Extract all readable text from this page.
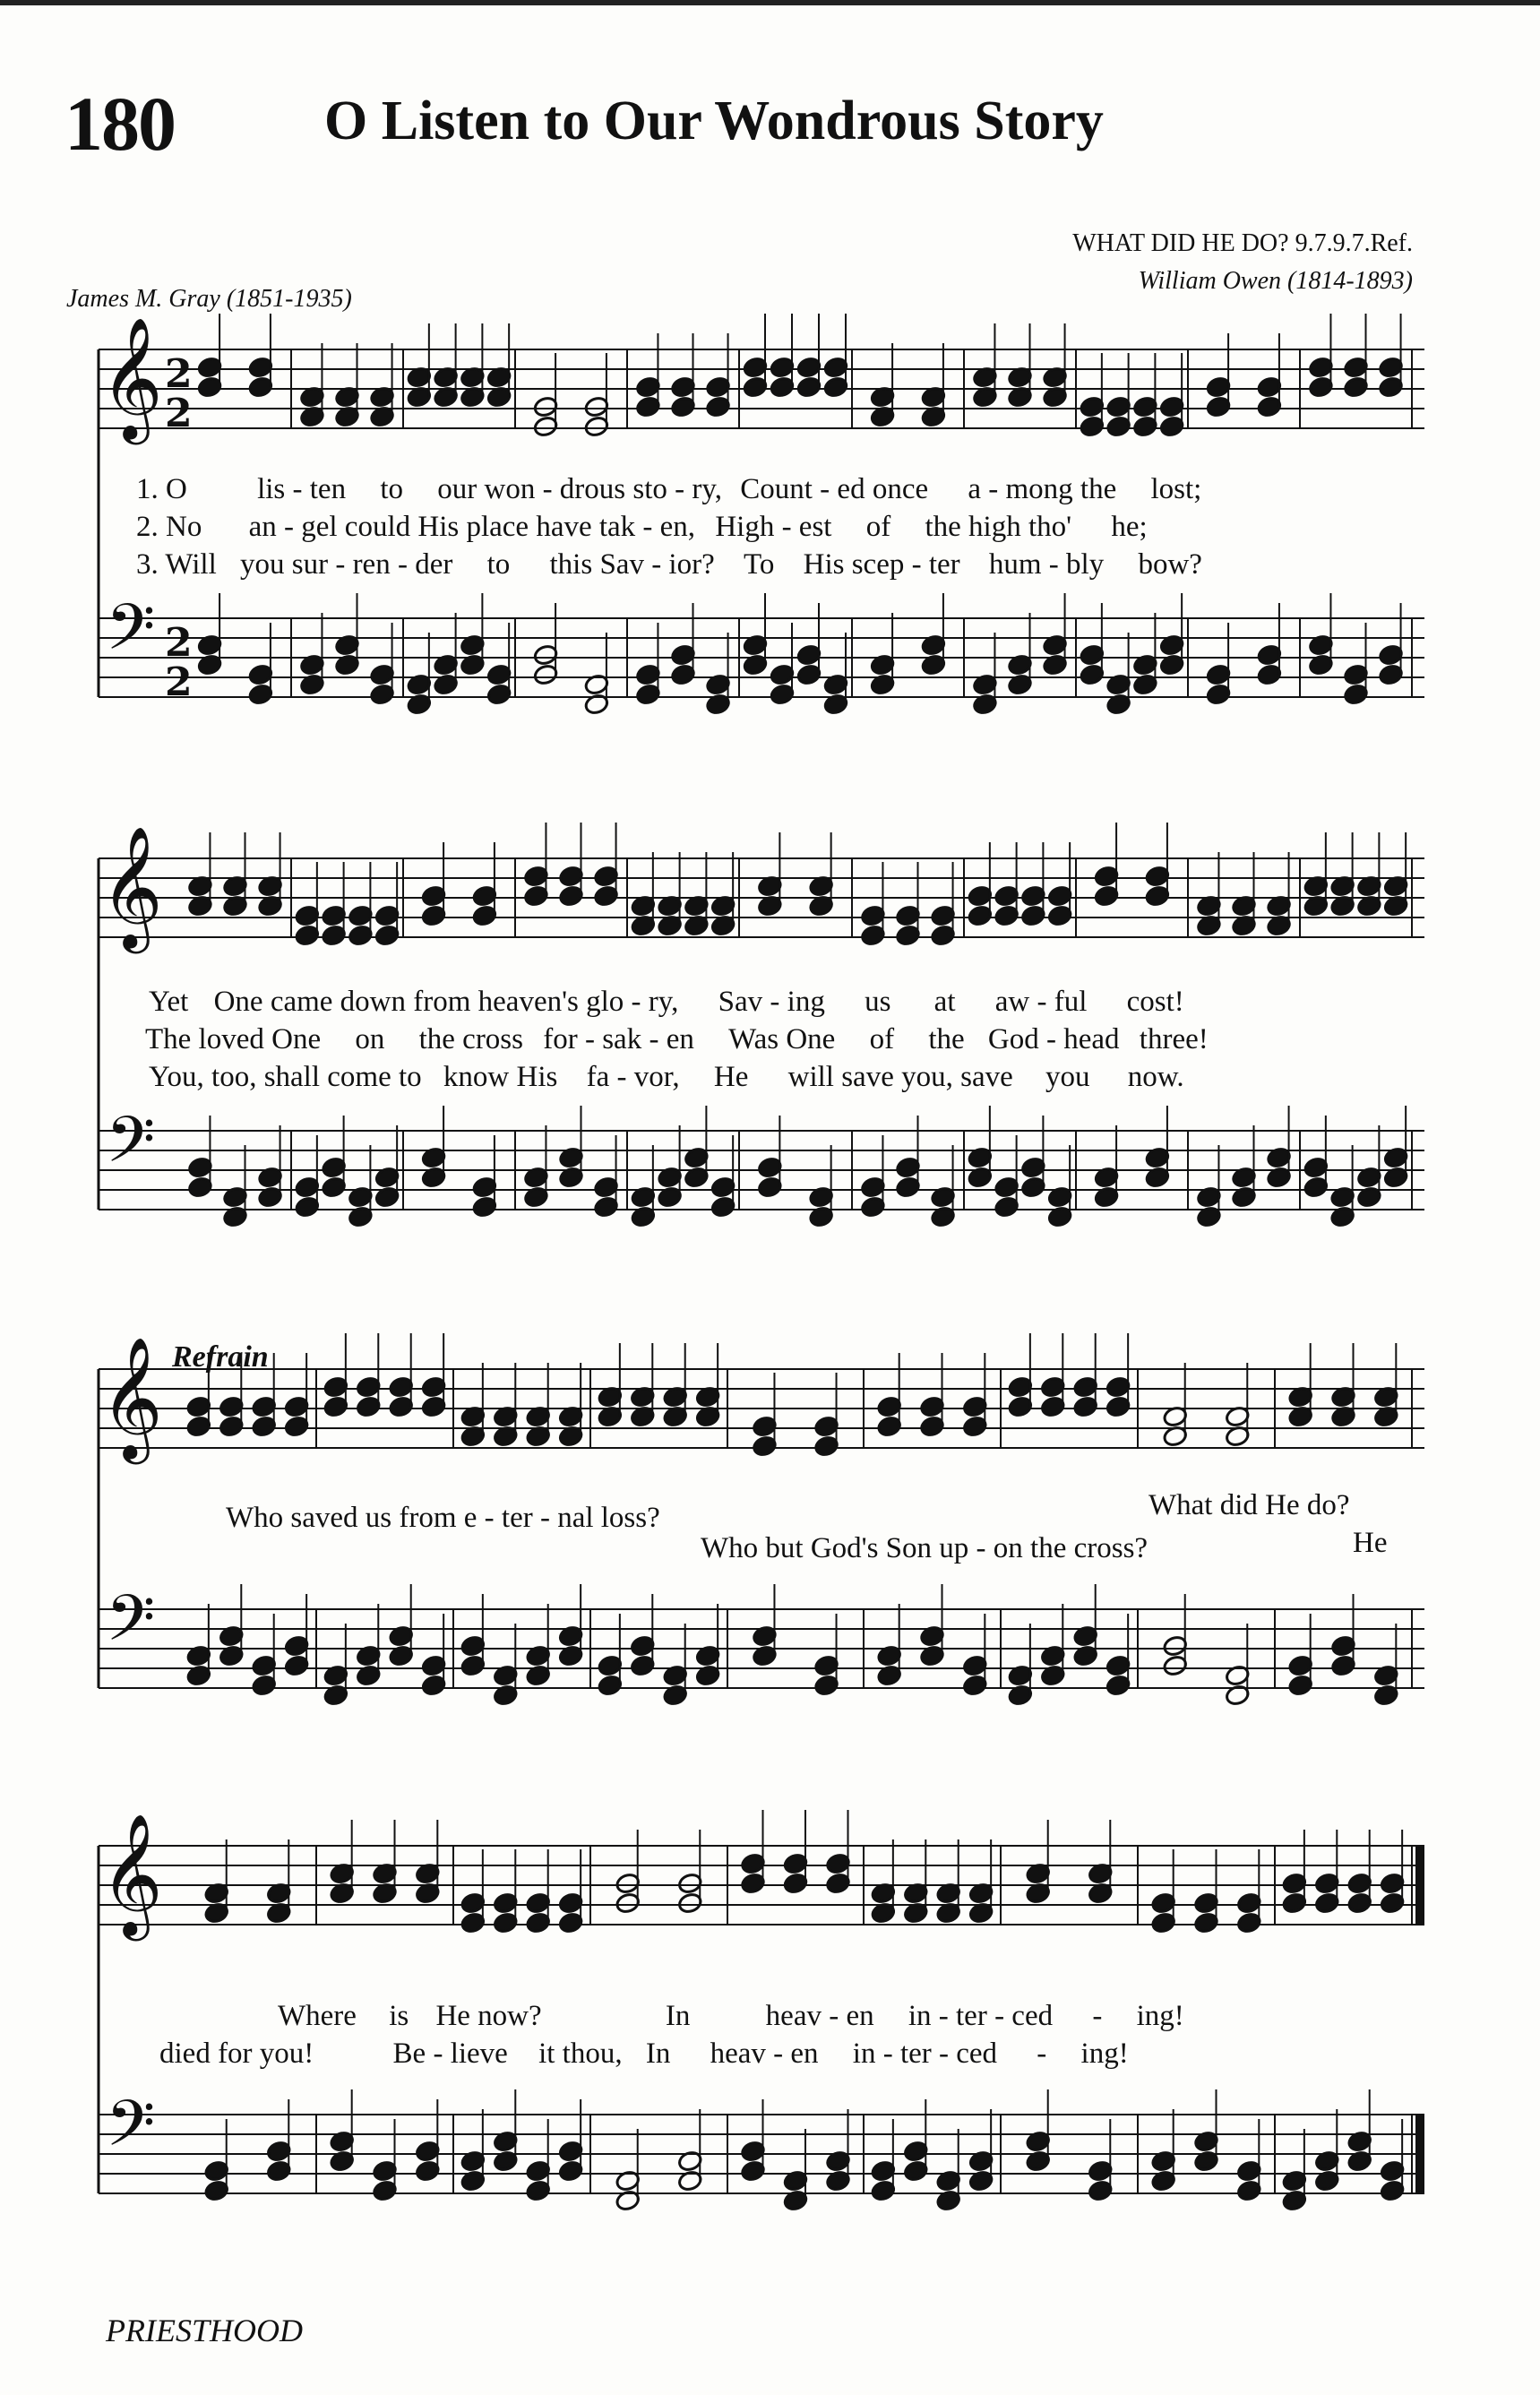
180	O Listen to Our Wondrous Story
WHAT DID HE DO? 9.7.9.7.Ref.
William Owen (1814-1893)
James M. Gray (1851-1935)
𝄞
𝄢
𝄞
𝄢
𝄞
𝄢
𝄞
𝄢
2
2
2
2
1. O lis - ten to our won - drous sto - ry, Count - ed once a - mong the lost;
2. No an - gel could His place have tak - en, High - est of the high tho' he;
3. Will you sur - ren - der to this Sav - ior? To His scep - ter hum - bly bow?
Yet One came down from heaven's glo - ry, Sav - ing us at aw - ful cost!
The loved One on the cross for - sak - en Was One of the God - head three!
You, too, shall come to know His fa - vor, He will save you, save you now.
Refrain
Who saved us from e - ter - nal loss?	What did He do?
Who but God's Son up - on the cross?	He
Where is He now?	In	heav - en in - ter - ced - ing!
died for you!	Be - lieve it thou, In heav - en in - ter - ced - ing!
PRIESTHOOD
